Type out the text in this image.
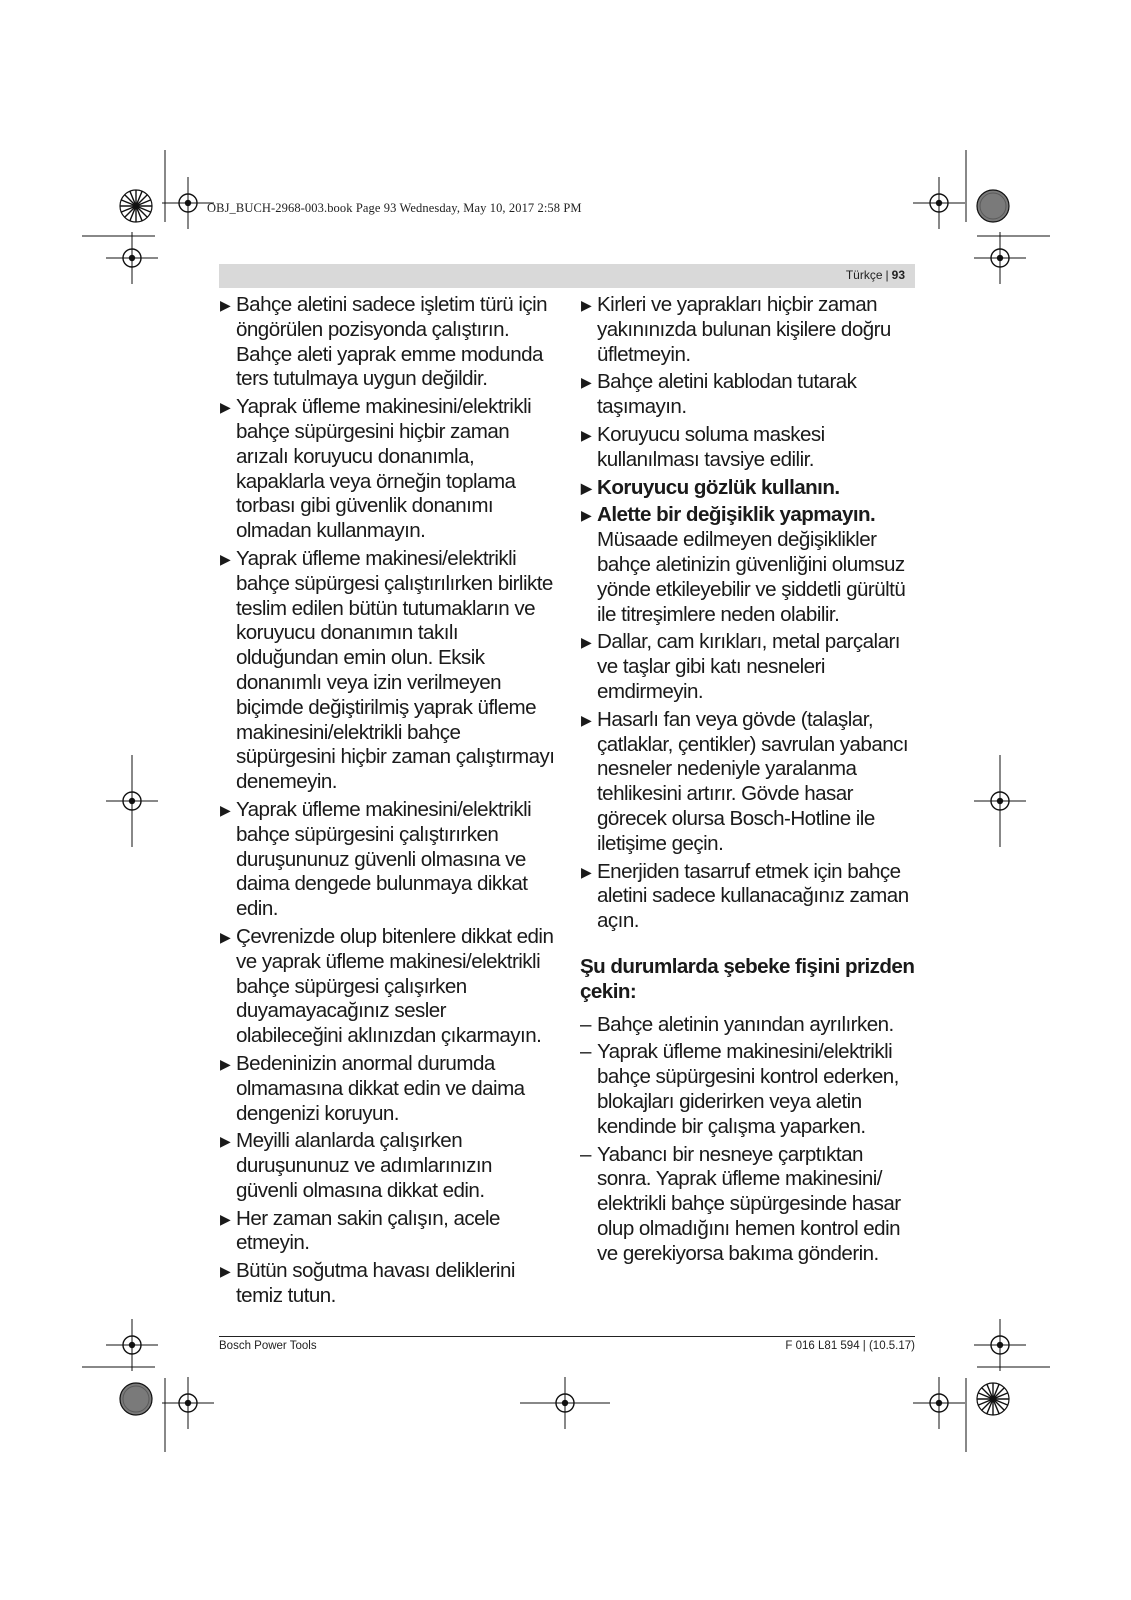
OBJ_BUCH-2968-003.book Page 93 Wednesday, May 10, 2017 2:58 PM
Türkçe | 93
▶ Bahçe aletini sadece işletim türü için öngörülen pozisyonda çalıştırın. Bahçe aleti yaprak emme modunda ters tutulmaya uygun değildir.
▶ Yaprak üfleme makinesini/elektrikli bahçe süpürgesini hiçbir zaman arızalı koruyucu donanımla, kapaklarla veya örneğin toplama torbası gibi güvenlik donanımı olmadan kullanmayın.
▶ Yaprak üfleme makinesi/elektrikli bahçe süpürgesi çalıştırılırken birlikte teslim edilen bütün tutumakların ve koruyucu donanımın takılı olduğundan emin olun. Eksik donanımlı veya izin verilmeyen biçimde değiştirilmiş yaprak üfleme makinesini/elektrikli bahçe süpürgesini hiçbir zaman çalıştırmayı denemeyin.
▶ Yaprak üfleme makinesini/elektrikli bahçe süpürgesini çalıştırırken duruşununuz güvenli olmasına ve daima dengede bulunmaya dikkat edin.
▶ Çevrenizde olup bitenlere dikkat edin ve yaprak üfleme makinesi/elektrikli bahçe süpürgesi çalışırken duyamayacağınız sesler olabileceğini aklınızdan çıkarmayın.
▶ Bedeninizin anormal durumda olmamasına dikkat edin ve daima dengenizi koruyun.
▶ Meyilli alanlarda çalışırken duruşununuz ve adımlarınızın güvenli olmasına dikkat edin.
▶ Her zaman sakin çalışın, acele etmeyin.
▶ Bütün soğutma havası deliklerini temiz tutun.
▶ Kirleri ve yaprakları hiçbir zaman yakınınızda bulunan kişilere doğru üfletmeyin.
▶ Bahçe aletini kablodan tutarak taşımayın.
▶ Koruyucu soluma maskesi kullanılması tavsiye edilir.
▶ Koruyucu gözlük kullanın.
▶ Alette bir değişiklik yapmayın.
Müsaade edilmeyen değişiklikler bahçe aletinizin güvenliğini olumsuz yönde etkileyebilir ve şiddetli gürültü ile titreşimlere neden olabilir.
▶ Dallar, cam kırıkları, metal parçaları ve taşlar gibi katı nesneleri emdirmeyin.
▶ Hasarlı fan veya gövde (talaşlar, çatlaklar, çentikler) savrulan yabancı nesneler nedeniyle yaralanma tehlikesini artırır. Gövde hasar görecek olursa Bosch-Hotline ile iletişime geçin.
▶ Enerjiden tasarruf etmek için bahçe aletini sadece kullanacağınız zaman açın.
Şu durumlarda şebeke fişini prizden çekin:
– Bahçe aletinin yanından ayrılırken.
– Yaprak üfleme makinesini/elektrikli bahçe süpürgesini kontrol ederken, blokajları giderirken veya aletin kendinde bir çalışma yaparken.
– Yabancı bir nesneye çarptıktan sonra. Yaprak üfleme makinesini/ elektrikli bahçe süpürgesinde hasar olup olmadığını hemen kontrol edin ve gerekiyorsa bakıma gönderin.
Bosch Power Tools	F 016 L81 594 | (10.5.17)
